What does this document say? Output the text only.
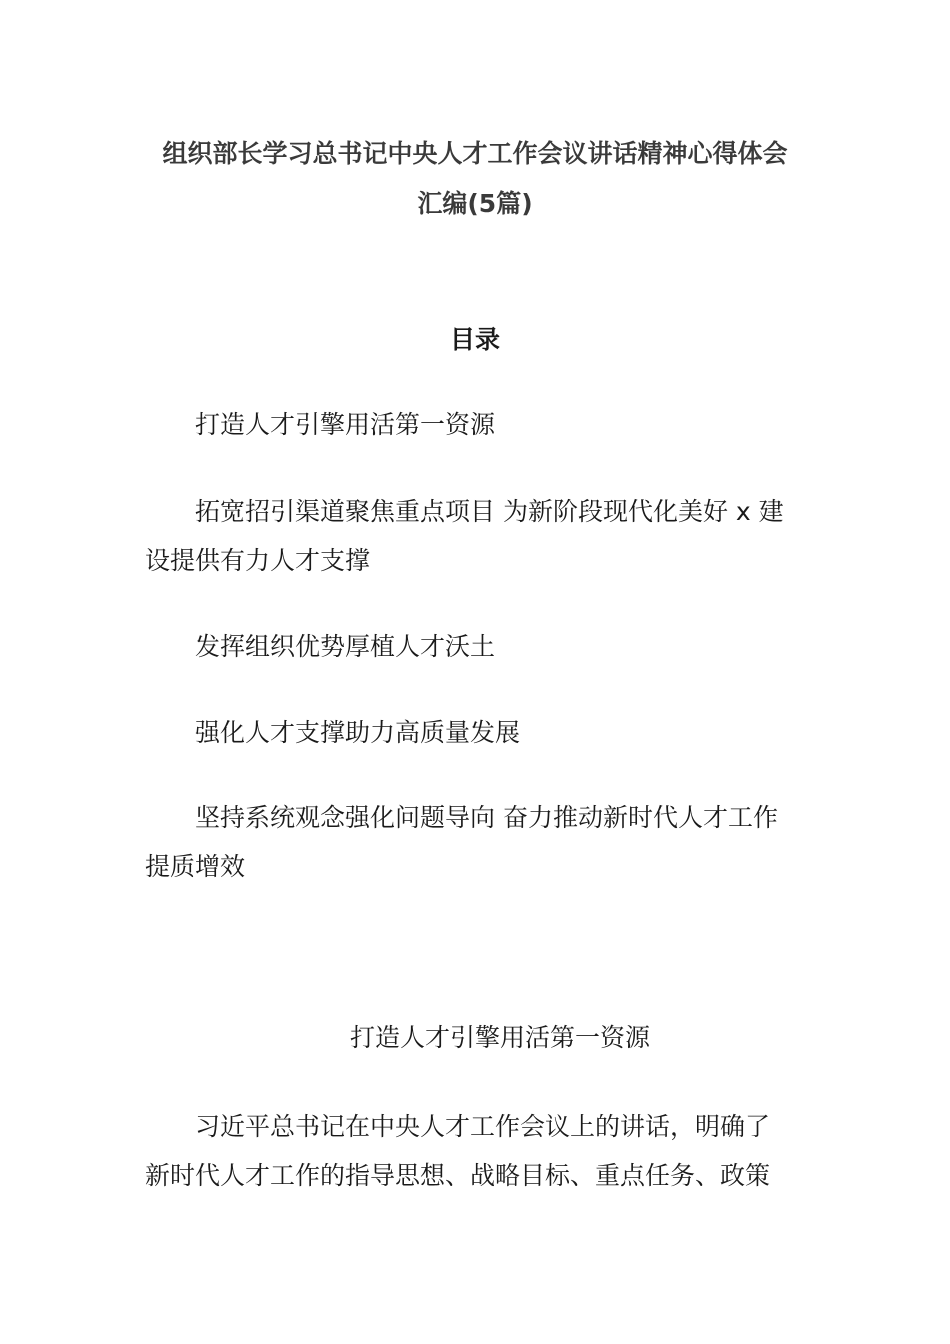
组织部长学习总书记中央人才工作会议讲话精神心得体会
汇编(5篇)
目录
打造人才引擎用活第一资源
拓宽招引渠道聚焦重点项目 为新阶段现代化美好 x 建
设提供有力人才支撑
发挥组织优势厚植人才沃土
强化人才支撑助力高质量发展
坚持系统观念强化问题导向 奋力推动新时代人才工作
提质增效
打造人才引擎用活第一资源
习近平总书记在中央人才工作会议上的讲话，明确了
新时代人才工作的指导思想、战略目标、重点任务、政策
